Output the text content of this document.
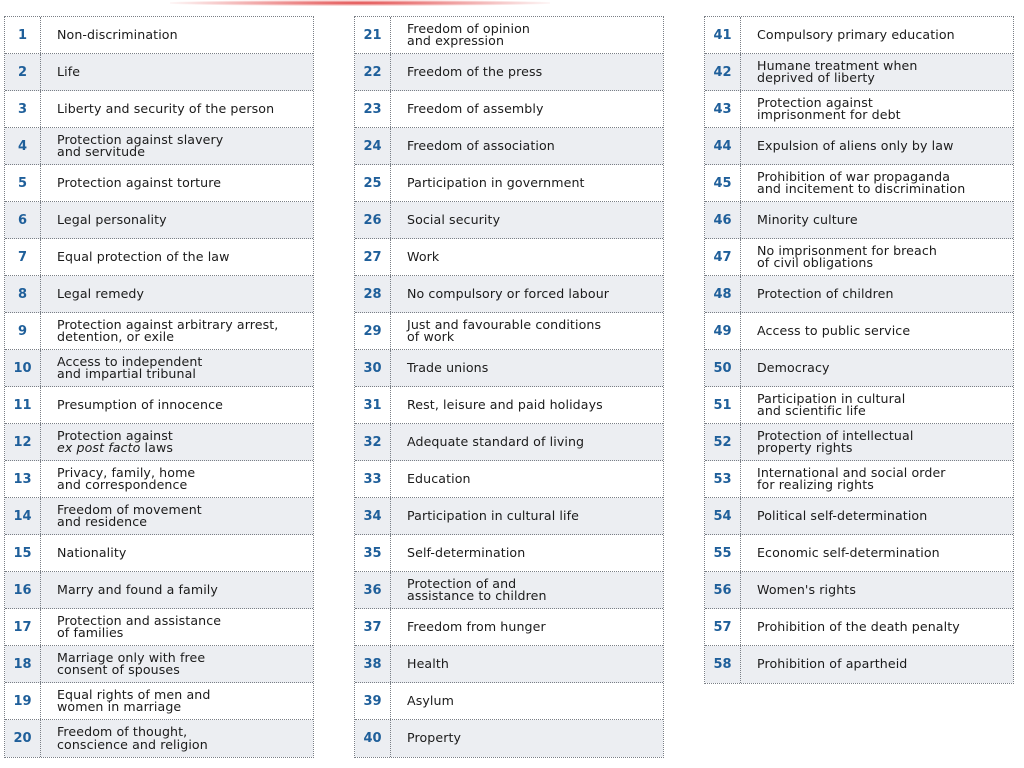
1	Non-discrimination
2	Life
3	Liberty and security of the person
4	Protection against slavery
and servitude
5	Protection against torture
6	Legal personality
7	Equal protection of the law
8	Legal remedy
9	Protection against arbitrary arrest,
detention, or exile
10	Access to independent
and impartial tribunal
11	Presumption of innocence
12	Protection against
ex post facto laws
13	Privacy, family, home
and correspondence
14	Freedom of movement
and residence
15	Nationality
16	Marry and found a family
17	Protection and assistance
of families
18	Marriage only with free
consent of spouses
19	Equal rights of men and
women in marriage
20	Freedom of thought,
conscience and religion
21	Freedom of opinion
and expression
22	Freedom of the press
23	Freedom of assembly
24	Freedom of association
25	Participation in government
26	Social security
27	Work
28	No compulsory or forced labour
29	Just and favourable conditions
of work
30	Trade unions
31	Rest, leisure and paid holidays
32	Adequate standard of living
33	Education
34	Participation in cultural life
35	Self-determination
36	Protection of and
assistance to children
37	Freedom from hunger
38	Health
39	Asylum
40	Property
41	Compulsory primary education
42	Humane treatment when
deprived of liberty
43	Protection against
imprisonment for debt
44	Expulsion of aliens only by law
45	Prohibition of war propaganda
and incitement to discrimination
46	Minority culture
47	No imprisonment for breach
of civil obligations
48	Protection of children
49	Access to public service
50	Democracy
51	Participation in cultural
and scientific life
52	Protection of intellectual
property rights
53	International and social order
for realizing rights
54	Political self-determination
55	Economic self-determination
56	Women's rights
57	Prohibition of the death penalty
58	Prohibition of apartheid
